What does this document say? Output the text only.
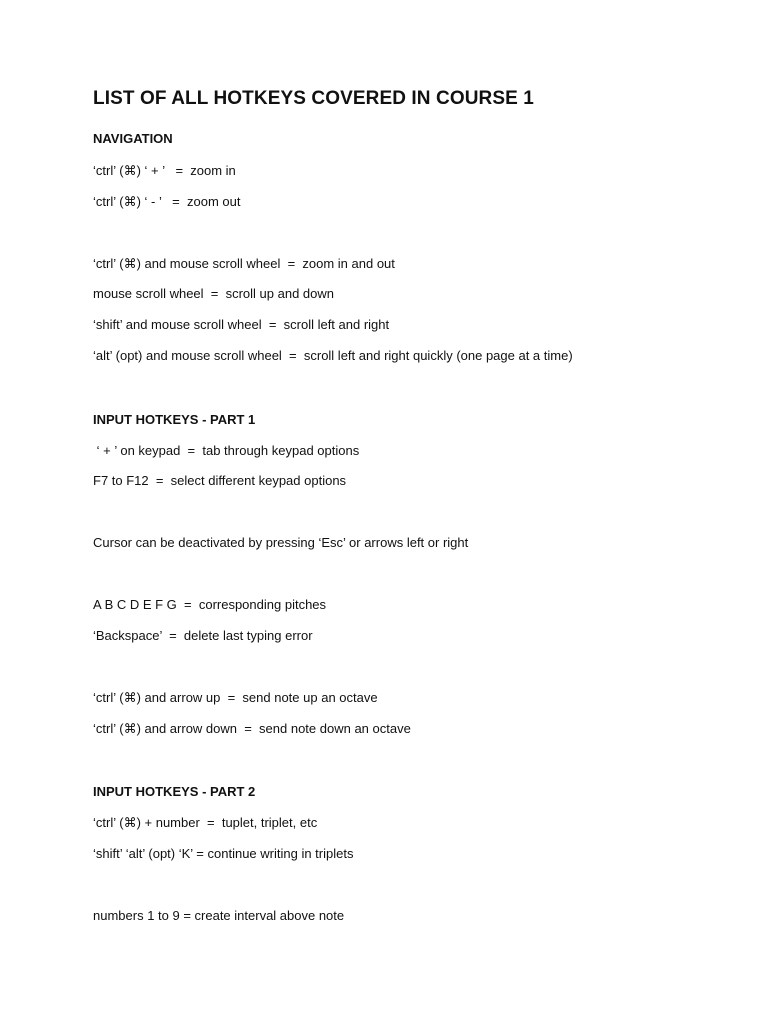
LIST OF ALL HOTKEYS COVERED IN COURSE 1
NAVIGATION
‘ctrl’ (⌘) ‘ + ’   =  zoom in
‘ctrl’ (⌘) ‘ - ’   =  zoom out
‘ctrl’ (⌘) and mouse scroll wheel  =  zoom in and out
mouse scroll wheel  =  scroll up and down
‘shift’ and mouse scroll wheel  =  scroll left and right
‘alt’ (opt) and mouse scroll wheel  =  scroll left and right quickly (one page at a time)
INPUT HOTKEYS - PART 1
‘ + ’ on keypad  =  tab through keypad options
F7 to F12  =  select different keypad options
Cursor can be deactivated by pressing ‘Esc’ or arrows left or right
A B C D E F G  =  corresponding pitches
‘Backspace’  =  delete last typing error
‘ctrl’ (⌘) and arrow up  =  send note up an octave
‘ctrl’ (⌘) and arrow down  =  send note down an octave
INPUT HOTKEYS - PART 2
‘ctrl’ (⌘) + number  =  tuplet, triplet, etc
‘shift’ ‘alt’ (opt) ‘K’ = continue writing in triplets
numbers 1 to 9 = create interval above note
